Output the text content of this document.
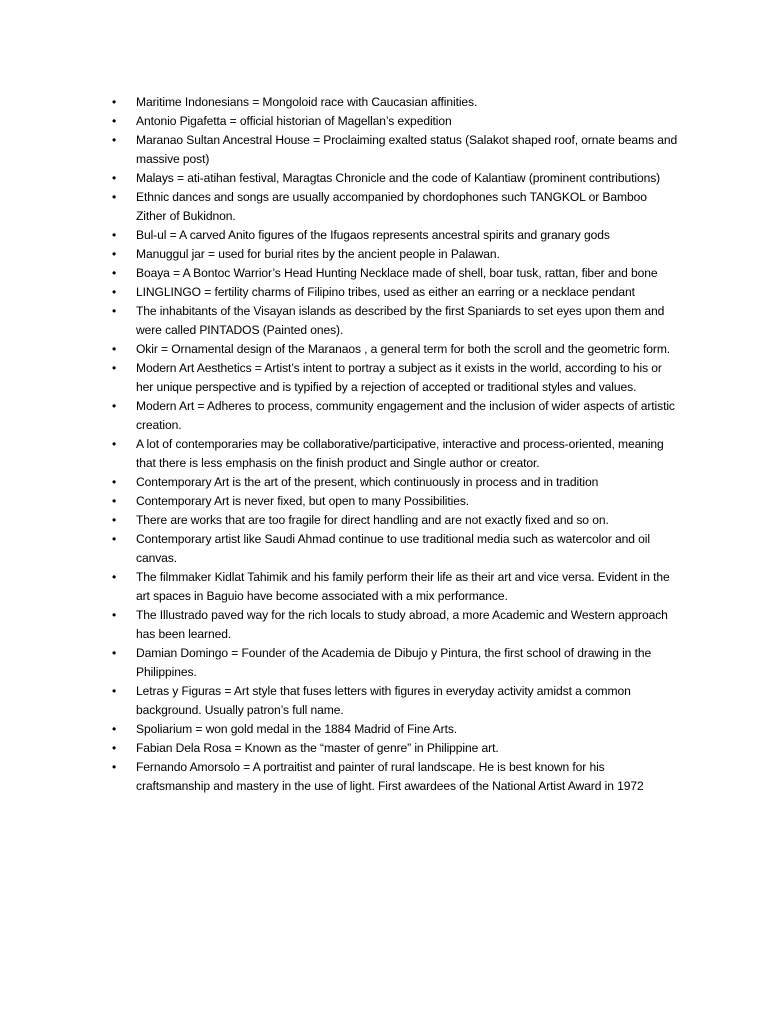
• Maritime Indonesians = Mongoloid race with Caucasian affinities.
• Antonio Pigafetta = official historian of Magellan’s expedition
• Maranao Sultan Ancestral House = Proclaiming exalted status (Salakot shaped roof, ornate beams and massive post)
• Malays = ati-atihan festival, Maragtas Chronicle and the code of Kalantiaw (prominent contributions)
• Ethnic dances and songs are usually accompanied by chordophones such TANGKOL or Bamboo Zither of Bukidnon.
• Bul-ul = A carved Anito figures of the Ifugaos represents ancestral spirits and granary gods
• Manuggul jar = used for burial rites by the ancient people in Palawan.
• Boaya = A Bontoc Warrior’s Head Hunting Necklace made of shell, boar tusk, rattan, fiber and bone
• LINGLINGO = fertility charms of Filipino tribes, used as either an earring or a necklace pendant
• The inhabitants of the Visayan islands as described by the first Spaniards to set eyes upon them and were called PINTADOS (Painted ones).
• Okir = Ornamental design of the Maranaos , a general term for both the scroll and the geometric form.
• Modern Art Aesthetics = Artist’s intent to portray a subject as it exists in the world, according to his or her unique perspective and is typified by a rejection of accepted or traditional styles and values.
• Modern Art = Adheres to process, community engagement and the inclusion of wider aspects of artistic creation.
• A lot of contemporaries may be collaborative/participative, interactive and process-oriented, meaning that there is less emphasis on the finish product and Single author or creator.
• Contemporary Art is the art of the present, which continuously in process and in tradition
• Contemporary Art is never fixed, but open to many Possibilities.
• There are works that are too fragile for direct handling and are not exactly fixed and so on.
• Contemporary artist like Saudi Ahmad continue to use traditional media such as watercolor and oil canvas.
• The filmmaker Kidlat Tahimik and his family perform their life as their art and vice versa. Evident in the art spaces in Baguio have become associated with a mix performance.
• The Illustrado paved way for the rich locals to study abroad, a more Academic and Western approach has been learned.
• Damian Domingo = Founder of the Academia de Dibujo y Pintura, the first school of drawing in the Philippines.
• Letras y Figuras = Art style that fuses letters with figures in everyday activity amidst a common background. Usually patron’s full name.
• Spoliarium = won gold medal in the 1884 Madrid of Fine Arts.
• Fabian Dela Rosa = Known as the “master of genre” in Philippine art.
• Fernando Amorsolo = A portraitist and painter of rural landscape. He is best known for his craftsmanship and mastery in the use of light. First awardees of the National Artist Award in 1972
